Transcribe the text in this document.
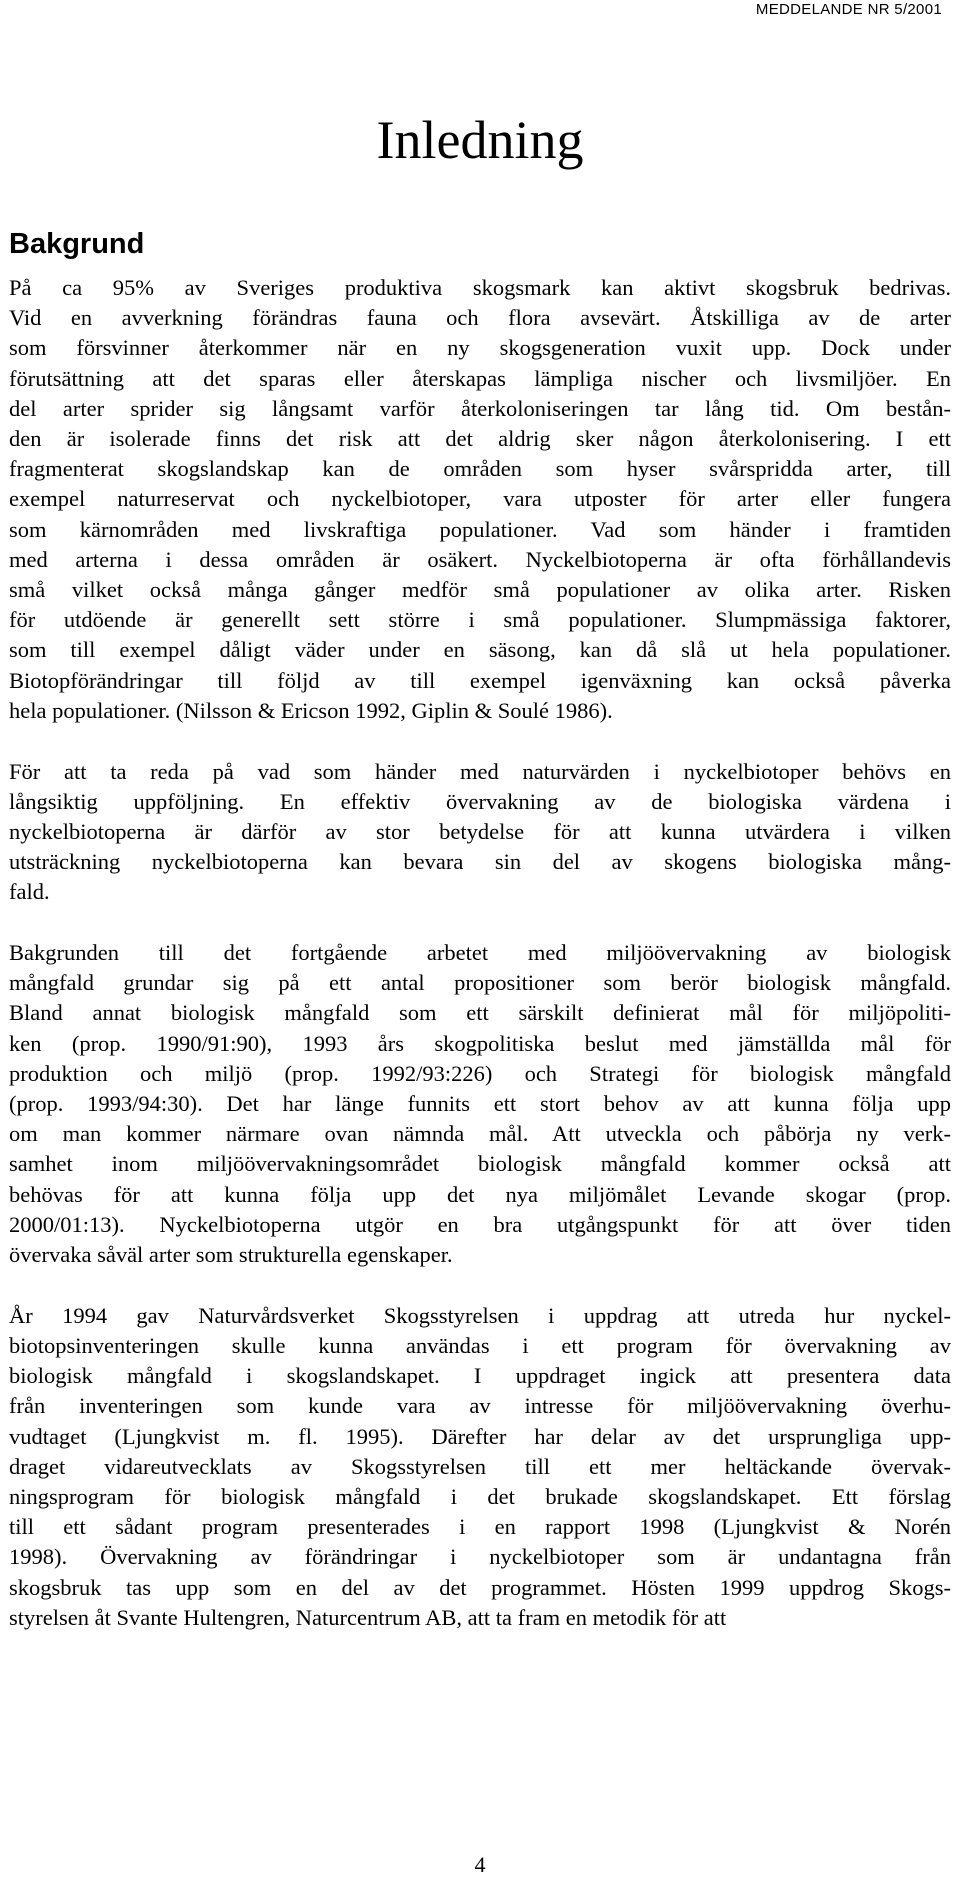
MEDDELANDE NR 5/2001
Inledning
Bakgrund
På ca 95% av Sveriges produktiva skogsmark kan aktivt skogsbruk bedrivas.
Vid en avverkning förändras fauna och flora avsevärt. Åtskilliga av de arter
som försvinner återkommer när en ny skogsgeneration vuxit upp. Dock under
förutsättning att det sparas eller återskapas lämpliga nischer och livsmiljöer. En
del arter sprider sig långsamt varför återkoloniseringen tar lång tid. Om bestån-
den är isolerade finns det risk att det aldrig sker någon återkolonisering. I ett
fragmenterat skogslandskap kan de områden som hyser svårspridda arter, till
exempel naturreservat och nyckelbiotoper, vara utposter för arter eller fungera
som kärnområden med livskraftiga populationer. Vad som händer i framtiden
med arterna i dessa områden är osäkert. Nyckelbiotoperna är ofta förhållandevis
små vilket också många gånger medför små populationer av olika arter. Risken
för utdöende är generellt sett större i små populationer. Slumpmässiga faktorer,
som till exempel dåligt väder under en säsong, kan då slå ut hela populationer.
Biotopförändringar till följd av till exempel igenväxning kan också påverka
hela populationer. (Nilsson & Ericson 1992, Giplin & Soulé 1986).
För att ta reda på vad som händer med naturvärden i nyckelbiotoper behövs en
långsiktig uppföljning. En effektiv övervakning av de biologiska värdena i
nyckelbiotoperna är därför av stor betydelse för att kunna utvärdera i vilken
utsträckning nyckelbiotoperna kan bevara sin del av skogens biologiska mång-
fald.
Bakgrunden till det fortgående arbetet med miljöövervakning av biologisk
mångfald grundar sig på ett antal propositioner som berör biologisk mångfald.
Bland annat biologisk mångfald som ett särskilt definierat mål för miljöpoliti-
ken (prop. 1990/91:90), 1993 års skogpolitiska beslut med jämställda mål för
produktion och miljö (prop. 1992/93:226) och Strategi för biologisk mångfald
(prop. 1993/94:30). Det har länge funnits ett stort behov av att kunna följa upp
om man kommer närmare ovan nämnda mål. Att utveckla och påbörja ny verk-
samhet inom miljöövervakningsområdet biologisk mångfald kommer också att
behövas för att kunna följa upp det nya miljömålet Levande skogar (prop.
2000/01:13). Nyckelbiotoperna utgör en bra utgångspunkt för att över tiden
övervaka såväl arter som strukturella egenskaper.
År 1994 gav Naturvårdsverket Skogsstyrelsen i uppdrag att utreda hur nyckel-
biotopsinventeringen skulle kunna användas i ett program för övervakning av
biologisk mångfald i skogslandskapet. I uppdraget ingick att presentera data
från inventeringen som kunde vara av intresse för miljöövervakning överhu-
vudtaget (Ljungkvist m. fl. 1995). Därefter har delar av det ursprungliga upp-
draget vidareutvecklats av Skogsstyrelsen till ett mer heltäckande övervak-
ningsprogram för biologisk mångfald i det brukade skogslandskapet. Ett förslag
till ett sådant program presenterades i en rapport 1998 (Ljungkvist & Norén
1998). Övervakning av förändringar i nyckelbiotoper som är undantagna från
skogsbruk tas upp som en del av det programmet. Hösten 1999 uppdrog Skogs-
styrelsen åt Svante Hultengren, Naturcentrum AB, att ta fram en metodik för att
4
